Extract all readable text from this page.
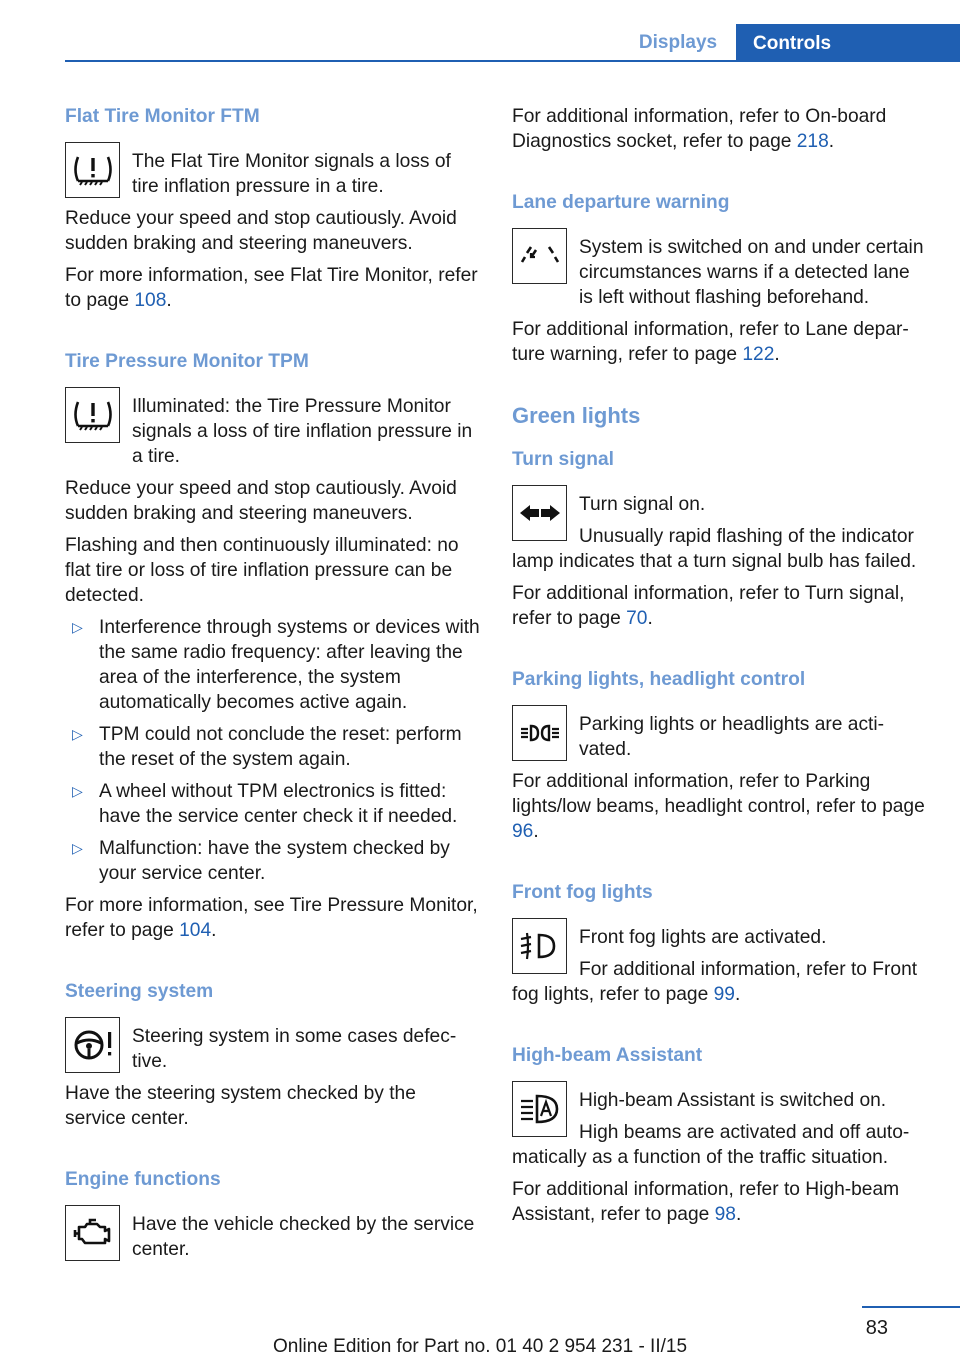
Displays	Controls
Flat Tire Monitor FTM
The Flat Tire Monitor signals a loss of tire inflation pressure in a tire.
Reduce your speed and stop cautiously. Avoid sudden braking and steering maneuvers.
For more information, see Flat Tire Monitor, refer to page 108.
Tire Pressure Monitor TPM
Illuminated: the Tire Pressure Monitor signals a loss of tire inflation pressure in a tire.
Reduce your speed and stop cautiously. Avoid sudden braking and steering maneuvers.
Flashing and then continuously illuminated: no flat tire or loss of tire inflation pressure can be detected.
▷ Interference through systems or devices with the same radio frequency: after leaving the area of the interference, the system automatically becomes active again.
▷ TPM could not conclude the reset: perform the reset of the system again.
▷ A wheel without TPM electronics is fitted: have the service center check it if needed.
▷ Malfunction: have the system checked by your service center.
For more information, see Tire Pressure Monitor, refer to page 104.
Steering system
Steering system in some cases defective.
Have the steering system checked by the service center.
Engine functions
Have the vehicle checked by the service center.
For additional information, refer to On-board Diagnostics socket, refer to page 218.
Lane departure warning
System is switched on and under certain circumstances warns if a detected lane is left without flashing beforehand.
For additional information, refer to Lane departure warning, refer to page 122.
Green lights
Turn signal
Turn signal on.
Unusually rapid flashing of the indicator lamp indicates that a turn signal bulb has failed.
For additional information, refer to Turn signal, refer to page 70.
Parking lights, headlight control
Parking lights or headlights are activated.
For additional information, refer to Parking lights/low beams, headlight control, refer to page 96.
Front fog lights
Front fog lights are activated.
For additional information, refer to Front fog lights, refer to page 99.
High-beam Assistant
High-beam Assistant is switched on.
High beams are activated and off automatically as a function of the traffic situation.
For additional information, refer to High-beam Assistant, refer to page 98.
83
Online Edition for Part no. 01 40 2 954 231 - II/15
